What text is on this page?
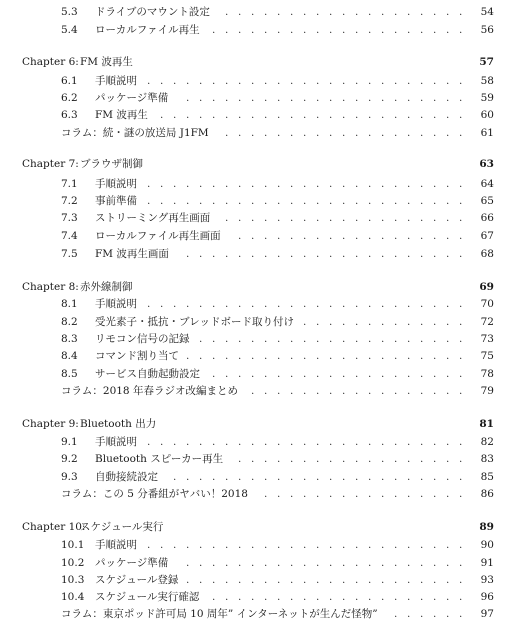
5.3 ドライブのマウント設定 . . . . . . . . . . . . . . . . . . .	54
5.4 ローカルファイル再生 . . . . . . . . . . . . . . . . . . . .	56
Chapter 6: FM 波再生	57
6.1 手順説明 . . . . . . . . . . . . . . . . . . . . . . . . .	58
6.2 パッケージ準備 . . . . . . . . . . . . . . . . . . . . . .	59
6.3 FM 波再生 . . . . . . . . . . . . . . . . . . . . . . . .	60
コラム：続・謎の放送局 J1FM . . . . . . . . . . . . . . . . . . .	61
Chapter 7: ブラウザ制御	63
7.1 手順説明 . . . . . . . . . . . . . . . . . . . . . . . . .	64
7.2 事前準備 . . . . . . . . . . . . . . . . . . . . . . . . .	65
7.3 ストリーミング再生画面 . . . . . . . . . . . . . . . . . . .	66
7.4 ローカルファイル再生画面 . . . . . . . . . . . . . . . . . .	67
7.5 FM 波再生画面 . . . . . . . . . . . . . . . . . . . . . .	68
Chapter 8: 赤外線制御	69
8.1 手順説明 . . . . . . . . . . . . . . . . . . . . . . . . .	70
8.2 受光素子・抵抗・ブレッドボード取り付け . . . . . . . . . . . . .	72
8.3 リモコン信号の記録 . . . . . . . . . . . . . . . . . . . . .	73
8.4 コマンド割り当て . . . . . . . . . . . . . . . . . . . . . .	75
8.5 サービス自動起動設定 . . . . . . . . . . . . . . . . . . . .	78
コラム：2018 年春ラジオ改編まとめ . . . . . . . . . . . . . . . . .	79
Chapter 9: Bluetooth 出力	81
9.1 手順説明 . . . . . . . . . . . . . . . . . . . . . . . . .	82
9.2 Bluetooth スピーカー再生 . . . . . . . . . . . . . . . . . .	83
9.3 自動接続設定 . . . . . . . . . . . . . . . . . . . . . . .	85
コラム：この 5 分番組がヤバい！2018 . . . . . . . . . . . . . . . .	86
Chapter 10:
スケジュール実行	89
10.1 手順説明 . . . . . . . . . . . . . . . . . . . . . . . . .	90
10.2 パッケージ準備 . . . . . . . . . . . . . . . . . . . . . .	91
10.3 スケジュール登録 . . . . . . . . . . . . . . . . . . . . . .	93
10.4 スケジュール実行確認 . . . . . . . . . . . . . . . . . . . .	96
コラム：東京ポッド許可局 10 周年” インターネットが生んだ怪物” . . . . . .	97
